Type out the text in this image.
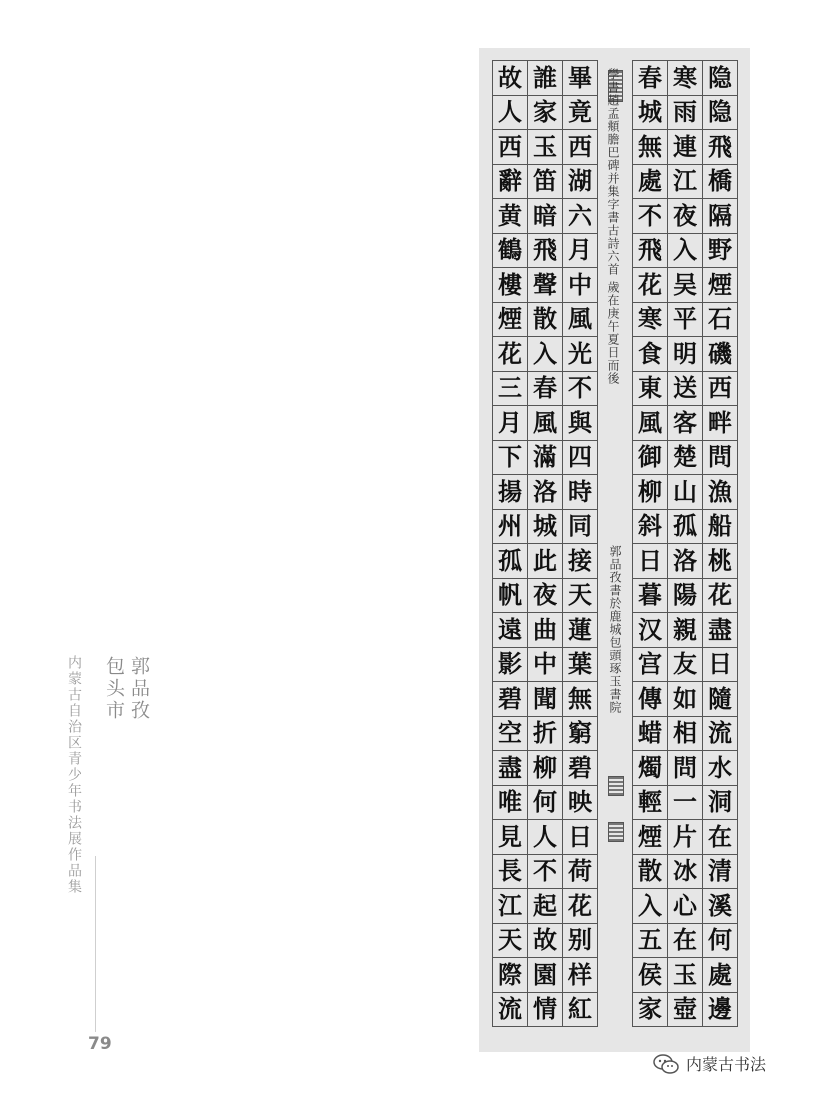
内蒙古自治区青少年书法展作品集 郭品孜
包头市
79
春
城
無
處
不
飛
花
寒
食
東
風
御
柳
斜
日
暮
汉
宫
傳
蜡
燭
輕
煙
散
入
五
侯
家
寒
雨
連
江
夜
入
吴
平
明
送
客
楚
山
孤
洛
陽
親
友
如
相
問
一
片
冰
心
在
玉
壺
隐
隐
飛
橋
隔
野
煙
石
磯
西
畔
問
漁
船
桃
花
盡
日
隨
流
水
洞
在
清
溪
何
處
邊
學書趙孟頫膽巴碑并集字書古詩六首 歲在庚午夏日而後
郭品孜書於鹿城包頭琢玉書院
故
人
西
辭
黄
鶴
樓
煙
花
三
月
下
揚
州
孤
帆
遠
影
碧
空
盡
唯
見
長
江
天
際
流
誰
家
玉
笛
暗
飛
聲
散
入
春
風
滿
洛
城
此
夜
曲
中
聞
折
柳
何
人
不
起
故
園
情
畢
竟
西
湖
六
月
中
風
光
不
與
四
時
同
接
天
蓮
葉
無
窮
碧
映
日
荷
花
别
样
紅
内蒙古书法
